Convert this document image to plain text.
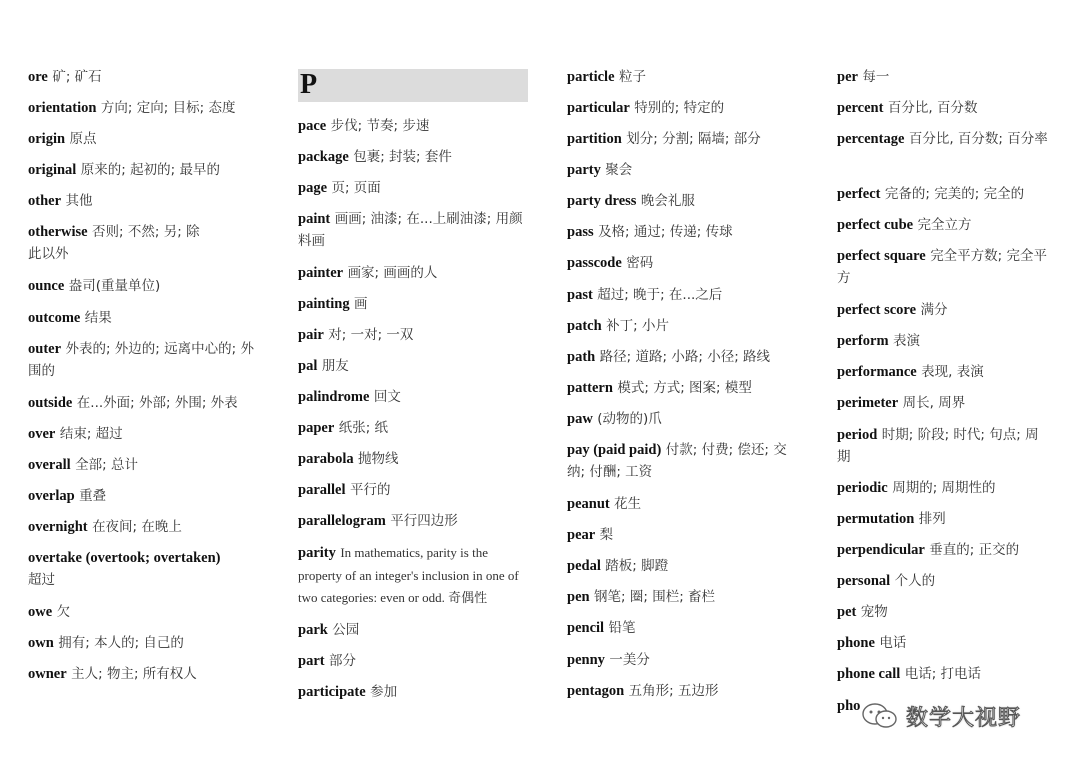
ore 矿; 矿石
orientation 方向; 定向; 目标; 态度
origin 原点
original 原来的; 起初的; 最早的
other 其他
otherwise 否则; 不然; 另; 除此以外
ounce 盎司(重量单位)
outcome 结果
outer 外表的; 外边的; 远离中心的; 外围的
outside 在...外面; 外部; 外围; 外表
over 结束; 超过
overall 全部; 总计
overlap 重叠
overnight 在夜间; 在晚上
overtake (overtook; overtaken)
超过
owe 欠
own 拥有; 本人的; 自己的
owner 主人; 物主; 所有权人
P
pace 步伐; 节奏; 步速
package 包裹; 封装; 套件
page 页; 页面
paint 画画; 油漆; 在...上刷油漆; 用颜料画
painter 画家; 画画的人
painting 画
pair 对; 一对; 一双
pal 朋友
palindrome 回文
paper 纸张; 纸
parabola 抛物线
parallel 平行的
parallelogram 平行四边形
parity In mathematics, parity is the property of an integer's inclusion in one of two categories: even or odd. 奇偶性
park 公园
part 部分
participate 参加
particle 粒子
particular 特别的; 特定的
partition 划分; 分割; 隔墙; 部分
party 聚会
party dress 晚会礼服
pass 及格; 通过; 传递; 传球
passcode 密码
past 超过; 晚于; 在...之后
patch 补丁; 小片
path 路径; 道路; 小路; 小径; 路线
pattern 模式; 方式; 图案; 模型
paw (动物的)爪
pay (paid paid) 付款; 付费; 偿还; 交纳; 付酬; 工资
peanut 花生
pear 梨
pedal 踏板; 脚蹬
pen 钢笔; 圈; 围栏; 畜栏
pencil 铅笔
penny 一美分
pentagon 五角形; 五边形
per 每一
percent 百分比, 百分数
percentage 百分比, 百分数; 百分率
perfect 完备的; 完美的; 完全的
perfect cube 完全立方
perfect square 完全平方数; 完全平方
perfect score 满分
perform 表演
performance 表现, 表演
perimeter 周长, 周界
period 时期; 阶段; 时代; 句点; 周期
periodic 周期的; 周期性的
permutation 排列
perpendicular 垂直的; 正交的
personal 个人的
pet 宠物
phone 电话
phone call 电话; 打电话
pho	数学大视野
